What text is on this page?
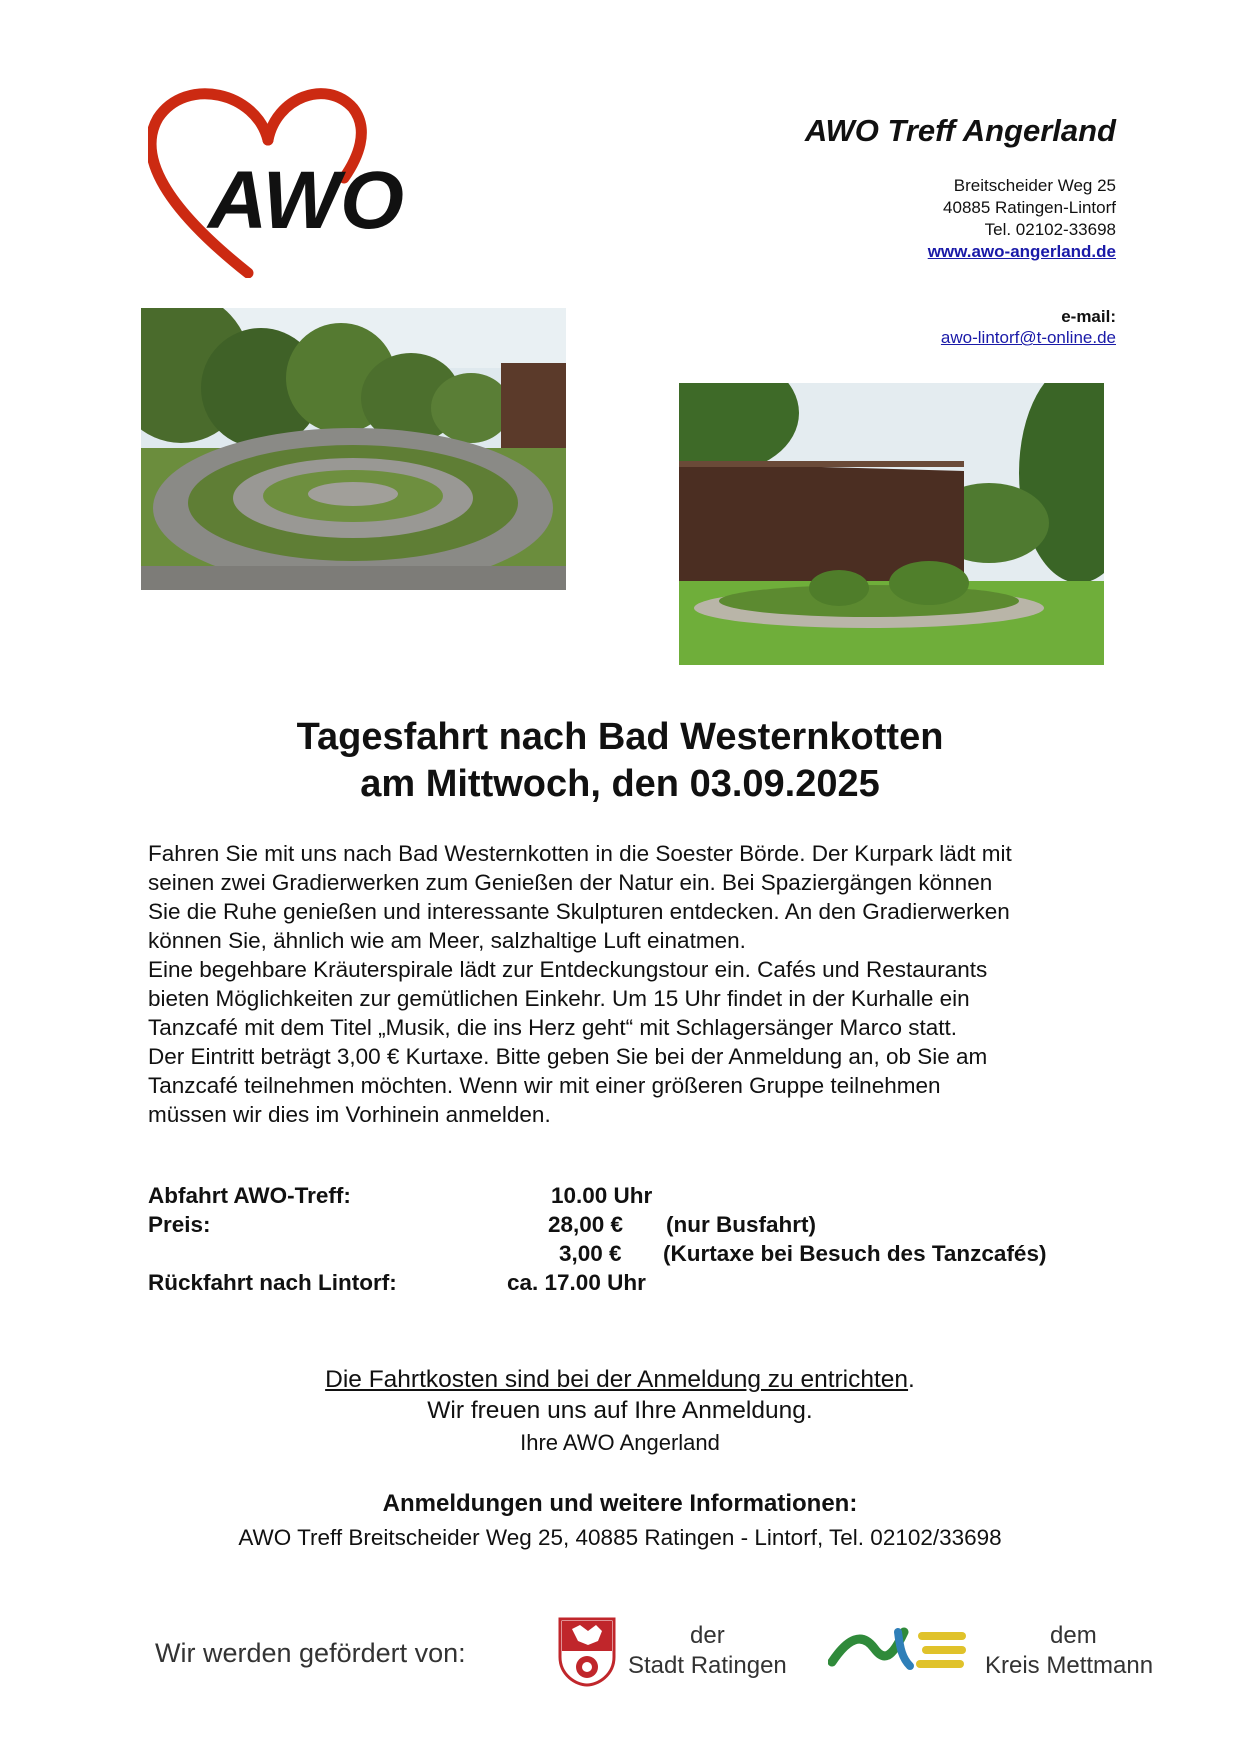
AWO
AWO Treff Angerland
Breitscheider Weg 25
40885 Ratingen-Lintorf
Tel. 02102-33698
www.awo-angerland.de
e-mail:
awo-lintorf@t-online.de
Tagesfahrt nach Bad Westernkotten
am Mittwoch, den 03.09.2025
Fahren Sie mit uns nach Bad Westernkotten in die Soester Börde. Der Kurpark lädt mit
seinen zwei Gradierwerken zum Genießen der Natur ein. Bei Spaziergängen können
Sie die Ruhe genießen und interessante Skulpturen entdecken. An den Gradierwerken
können Sie, ähnlich wie am Meer, salzhaltige Luft einatmen.
Eine begehbare Kräuterspirale lädt zur Entdeckungstour ein. Cafés und Restaurants
bieten Möglichkeiten zur gemütlichen Einkehr. Um 15 Uhr findet in der Kurhalle ein
Tanzcafé mit dem Titel „Musik, die ins Herz geht“ mit Schlagersänger Marco statt.
Der Eintritt beträgt 3,00 € Kurtaxe. Bitte geben Sie bei der Anmeldung an, ob Sie am
Tanzcafé teilnehmen möchten. Wenn wir mit einer größeren Gruppe teilnehmen
müssen wir dies im Vorhinein anmelden.
Abfahrt AWO-Treff:	10.00 Uhr
Preis:	28,00 € (nur Busfahrt)
3,00 € (Kurtaxe bei Besuch des Tanzcafés)
Rückfahrt nach Lintorf:	ca. 17.00 Uhr
Die Fahrtkosten sind bei der Anmeldung zu entrichten.
Wir freuen uns auf Ihre Anmeldung.
Ihre AWO Angerland
Anmeldungen und weitere Informationen:
AWO Treff Breitscheider Weg 25, 40885 Ratingen - Lintorf, Tel. 02102/33698
Wir werden gefördert von:
der
Stadt Ratingen
dem
Kreis Mettmann
